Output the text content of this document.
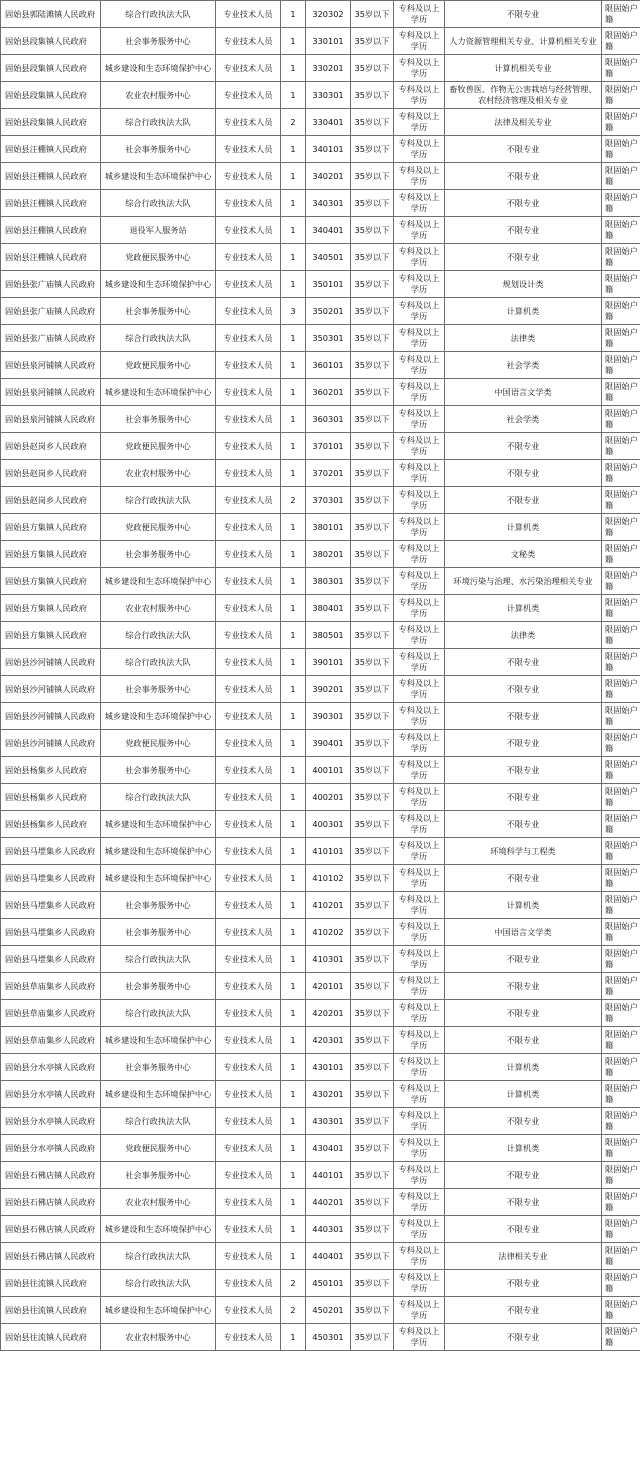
固始县郭陆滩镇人民政府	综合行政执法大队	专业技术人员	1	320302	35岁以下	专科及以上学历	不限专业	限固始户籍
固始县段集镇人民政府	社会事务服务中心	专业技术人员	1	330101	35岁以下	专科及以上学历	人力资源管理相关专业、计算机相关专业	限固始户籍
固始县段集镇人民政府	城乡建设和生态环境保护中心	专业技术人员	1	330201	35岁以下	专科及以上学历	计算机相关专业	限固始户籍
固始县段集镇人民政府	农业农村服务中心	专业技术人员	1	330301	35岁以下	专科及以上学历	畜牧兽医、作物无公害栽培与经营管理、农村经济管理及相关专业	限固始户籍
固始县段集镇人民政府	综合行政执法大队	专业技术人员	2	330401	35岁以下	专科及以上学历	法律及相关专业	限固始户籍
固始县汪棚镇人民政府	社会事务服务中心	专业技术人员	1	340101	35岁以下	专科及以上学历	不限专业	限固始户籍
固始县汪棚镇人民政府	城乡建设和生态环境保护中心	专业技术人员	1	340201	35岁以下	专科及以上学历	不限专业	限固始户籍
固始县汪棚镇人民政府	综合行政执法大队	专业技术人员	1	340301	35岁以下	专科及以上学历	不限专业	限固始户籍
固始县汪棚镇人民政府	退役军人服务站	专业技术人员	1	340401	35岁以下	专科及以上学历	不限专业	限固始户籍
固始县汪棚镇人民政府	党政便民服务中心	专业技术人员	1	340501	35岁以下	专科及以上学历	不限专业	限固始户籍
固始县张广庙镇人民政府	城乡建设和生态环境保护中心	专业技术人员	1	350101	35岁以下	专科及以上学历	规划设计类	限固始户籍
固始县张广庙镇人民政府	社会事务服务中心	专业技术人员	3	350201	35岁以下	专科及以上学历	计算机类	限固始户籍
固始县张广庙镇人民政府	综合行政执法大队	专业技术人员	1	350301	35岁以下	专科及以上学历	法律类	限固始户籍
固始县泉河铺镇人民政府	党政便民服务中心	专业技术人员	1	360101	35岁以下	专科及以上学历	社会学类	限固始户籍
固始县泉河铺镇人民政府	城乡建设和生态环境保护中心	专业技术人员	1	360201	35岁以下	专科及以上学历	中国语言文学类	限固始户籍
固始县泉河铺镇人民政府	社会事务服务中心	专业技术人员	1	360301	35岁以下	专科及以上学历	社会学类	限固始户籍
固始县赵岗乡人民政府	党政便民服务中心	专业技术人员	1	370101	35岁以下	专科及以上学历	不限专业	限固始户籍
固始县赵岗乡人民政府	农业农村服务中心	专业技术人员	1	370201	35岁以下	专科及以上学历	不限专业	限固始户籍
固始县赵岗乡人民政府	综合行政执法大队	专业技术人员	2	370301	35岁以下	专科及以上学历	不限专业	限固始户籍
固始县方集镇人民政府	党政便民服务中心	专业技术人员	1	380101	35岁以下	专科及以上学历	计算机类	限固始户籍
固始县方集镇人民政府	社会事务服务中心	专业技术人员	1	380201	35岁以下	专科及以上学历	文秘类	限固始户籍
固始县方集镇人民政府	城乡建设和生态环境保护中心	专业技术人员	1	380301	35岁以下	专科及以上学历	环境污染与治理、水污染治理相关专业	限固始户籍
固始县方集镇人民政府	农业农村服务中心	专业技术人员	1	380401	35岁以下	专科及以上学历	计算机类	限固始户籍
固始县方集镇人民政府	综合行政执法大队	专业技术人员	1	380501	35岁以下	专科及以上学历	法律类	限固始户籍
固始县沙河铺镇人民政府	综合行政执法大队	专业技术人员	1	390101	35岁以下	专科及以上学历	不限专业	限固始户籍
固始县沙河铺镇人民政府	社会事务服务中心	专业技术人员	1	390201	35岁以下	专科及以上学历	不限专业	限固始户籍
固始县沙河铺镇人民政府	城乡建设和生态环境保护中心	专业技术人员	1	390301	35岁以下	专科及以上学历	不限专业	限固始户籍
固始县沙河铺镇人民政府	党政便民服务中心	专业技术人员	1	390401	35岁以下	专科及以上学历	不限专业	限固始户籍
固始县杨集乡人民政府	社会事务服务中心	专业技术人员	1	400101	35岁以下	专科及以上学历	不限专业	限固始户籍
固始县杨集乡人民政府	综合行政执法大队	专业技术人员	1	400201	35岁以下	专科及以上学历	不限专业	限固始户籍
固始县杨集乡人民政府	城乡建设和生态环境保护中心	专业技术人员	1	400301	35岁以下	专科及以上学历	不限专业	限固始户籍
固始县马堽集乡人民政府	城乡建设和生态环境保护中心	专业技术人员	1	410101	35岁以下	专科及以上学历	环境科学与工程类	限固始户籍
固始县马堽集乡人民政府	城乡建设和生态环境保护中心	专业技术人员	1	410102	35岁以下	专科及以上学历	不限专业	限固始户籍
固始县马堽集乡人民政府	社会事务服务中心	专业技术人员	1	410201	35岁以下	专科及以上学历	计算机类	限固始户籍
固始县马堽集乡人民政府	社会事务服务中心	专业技术人员	1	410202	35岁以下	专科及以上学历	中国语言文学类	限固始户籍
固始县马堽集乡人民政府	综合行政执法大队	专业技术人员	1	410301	35岁以下	专科及以上学历	不限专业	限固始户籍
固始县草庙集乡人民政府	社会事务服务中心	专业技术人员	1	420101	35岁以下	专科及以上学历	不限专业	限固始户籍
固始县草庙集乡人民政府	综合行政执法大队	专业技术人员	1	420201	35岁以下	专科及以上学历	不限专业	限固始户籍
固始县草庙集乡人民政府	城乡建设和生态环境保护中心	专业技术人员	1	420301	35岁以下	专科及以上学历	不限专业	限固始户籍
固始县分水亭镇人民政府	社会事务服务中心	专业技术人员	1	430101	35岁以下	专科及以上学历	计算机类	限固始户籍
固始县分水亭镇人民政府	城乡建设和生态环境保护中心	专业技术人员	1	430201	35岁以下	专科及以上学历	计算机类	限固始户籍
固始县分水亭镇人民政府	综合行政执法大队	专业技术人员	1	430301	35岁以下	专科及以上学历	不限专业	限固始户籍
固始县分水亭镇人民政府	党政便民服务中心	专业技术人员	1	430401	35岁以下	专科及以上学历	计算机类	限固始户籍
固始县石佛店镇人民政府	社会事务服务中心	专业技术人员	1	440101	35岁以下	专科及以上学历	不限专业	限固始户籍
固始县石佛店镇人民政府	农业农村服务中心	专业技术人员	1	440201	35岁以下	专科及以上学历	不限专业	限固始户籍
固始县石佛店镇人民政府	城乡建设和生态环境保护中心	专业技术人员	1	440301	35岁以下	专科及以上学历	不限专业	限固始户籍
固始县石佛店镇人民政府	综合行政执法大队	专业技术人员	1	440401	35岁以下	专科及以上学历	法律相关专业	限固始户籍
固始县往流镇人民政府	综合行政执法大队	专业技术人员	2	450101	35岁以下	专科及以上学历	不限专业	限固始户籍
固始县往流镇人民政府	城乡建设和生态环境保护中心	专业技术人员	2	450201	35岁以下	专科及以上学历	不限专业	限固始户籍
固始县往流镇人民政府	农业农村服务中心	专业技术人员	1	450301	35岁以下	专科及以上学历	不限专业	限固始户籍
